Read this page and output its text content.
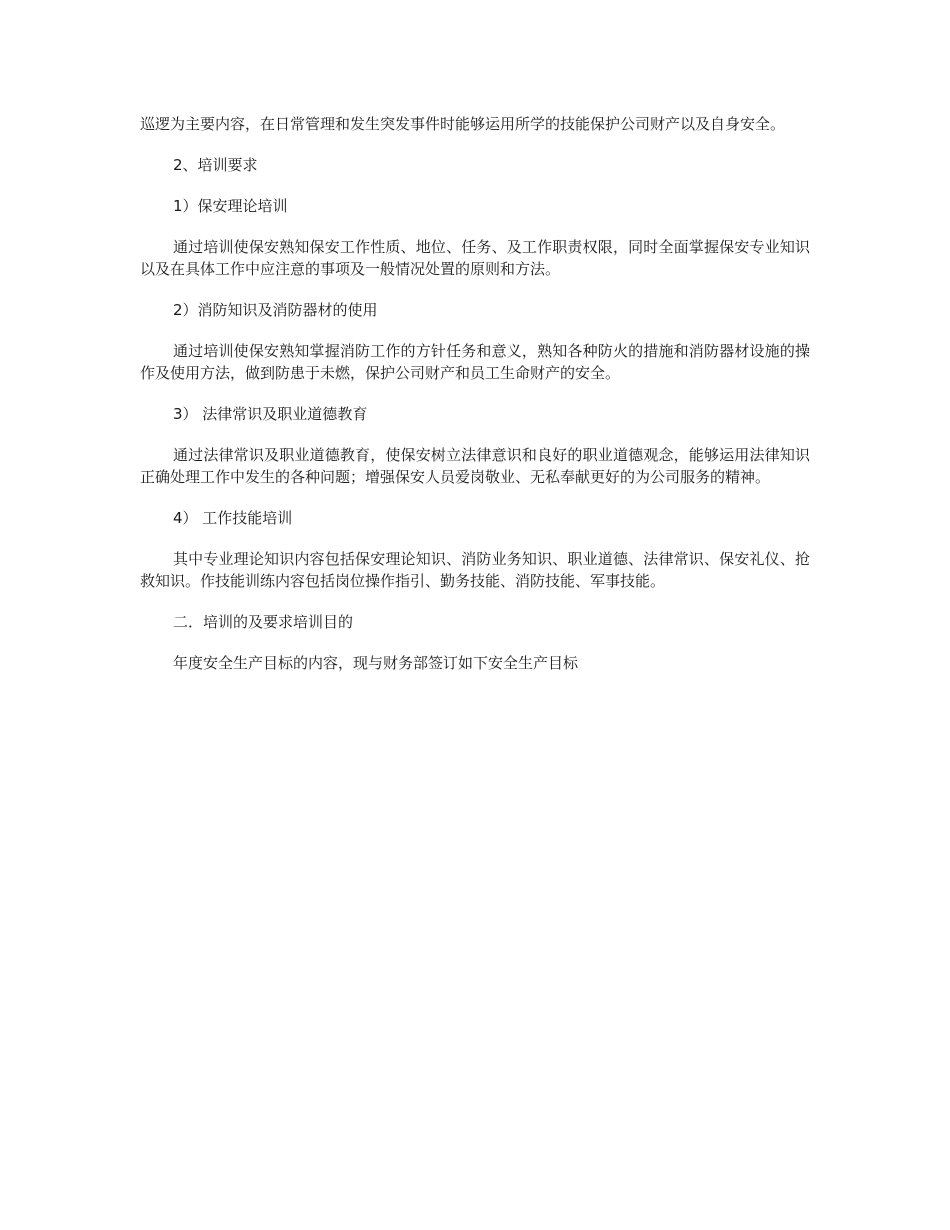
巡逻为主要内容，在日常管理和发生突发事件时能够运用所学的技能保护公司财产以及自身安全。

2、培训要求

1）保安理论培训

通过培训使保安熟知保安工作性质、地位、任务、及工作职责权限，同时全面掌握保安专业知识以及在具体工作中应注意的事项及一般情况处置的原则和方法。

2）消防知识及消防器材的使用

通过培训使保安熟知掌握消防工作的方针任务和意义，熟知各种防火的措施和消防器材设施的操作及使用方法，做到防患于未燃，保护公司财产和员工生命财产的安全。

3） 法律常识及职业道德教育

通过法律常识及职业道德教育，使保安树立法律意识和良好的职业道德观念，能够运用法律知识正确处理工作中发生的各种问题；增强保安人员爱岗敬业、无私奉献更好的为公司服务的精神。

4） 工作技能培训

其中专业理论知识内容包括保安理论知识、消防业务知识、职业道德、法律常识、保安礼仪、抢救知识。作技能训练内容包括岗位操作指引、勤务技能、消防技能、军事技能。

二．培训的及要求培训目的

年度安全生产目标的内容，现与财务部签订如下安全生产目标
